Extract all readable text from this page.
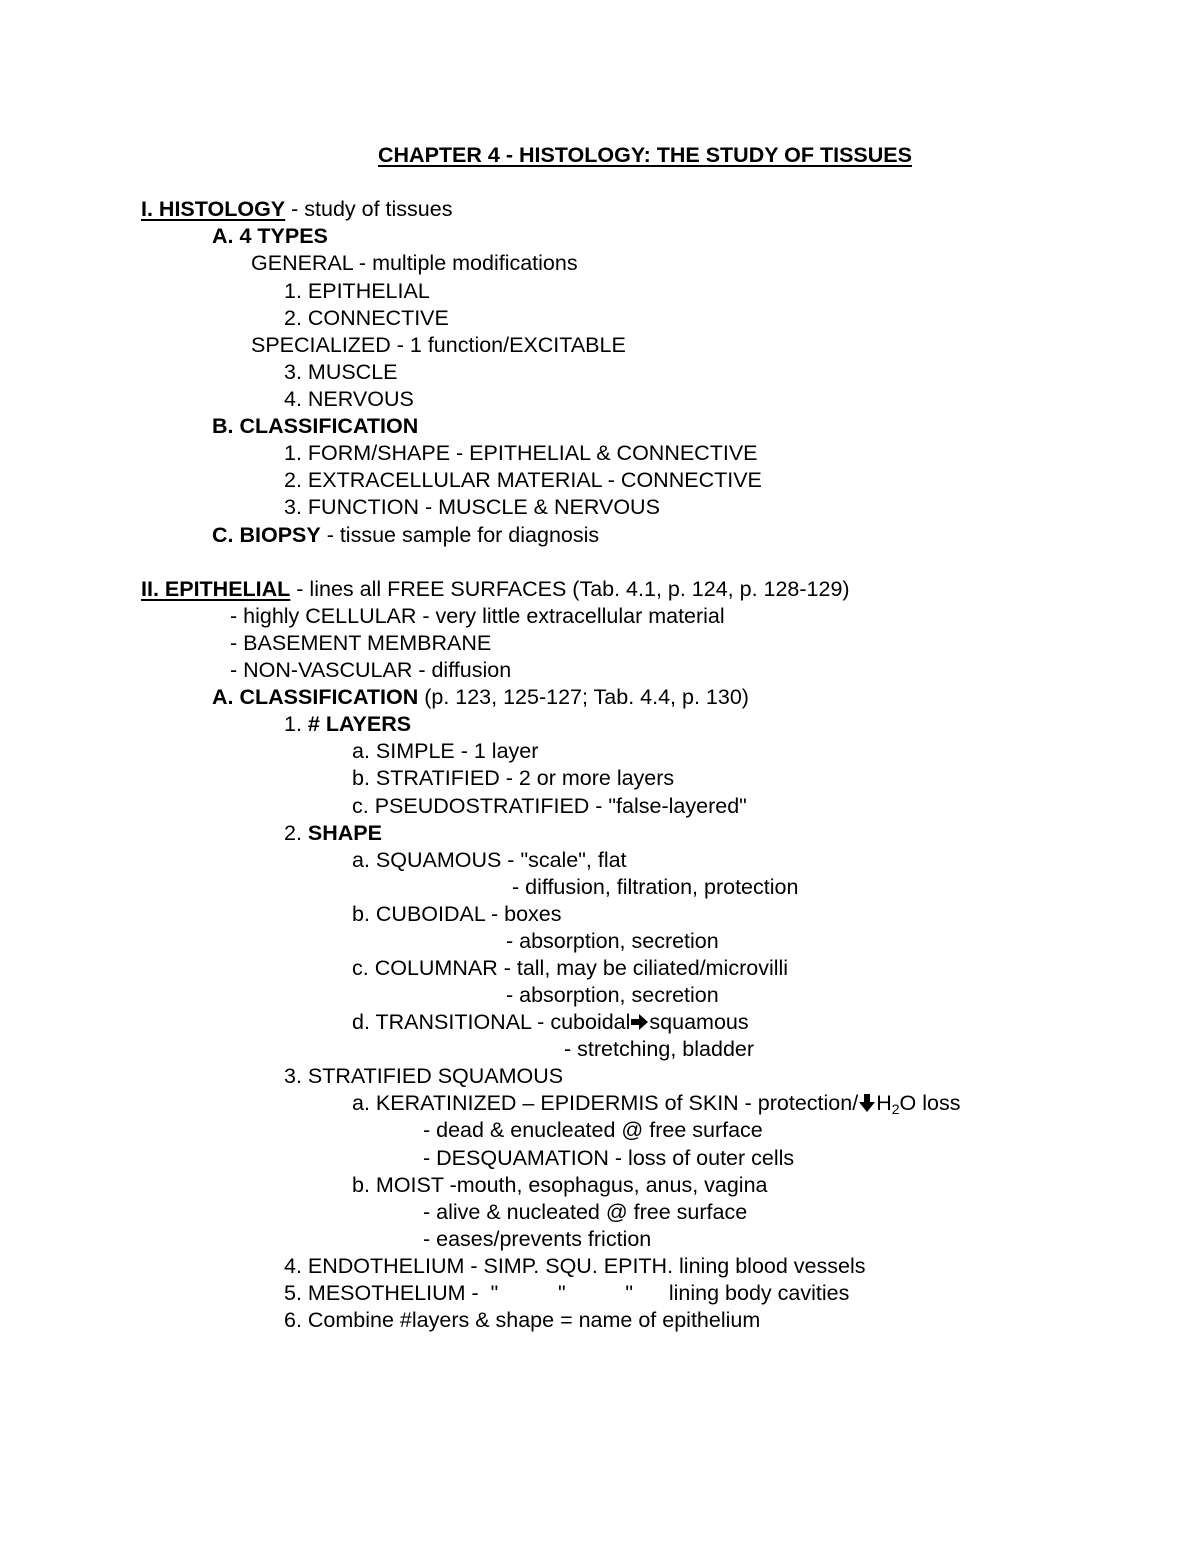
CHAPTER 4 - HISTOLOGY: THE STUDY OF TISSUES
I. HISTOLOGY - study of tissues
A. 4 TYPES
GENERAL - multiple modifications
1. EPITHELIAL
2. CONNECTIVE
SPECIALIZED - 1 function/EXCITABLE
3. MUSCLE
4. NERVOUS
B. CLASSIFICATION
1. FORM/SHAPE - EPITHELIAL & CONNECTIVE
2. EXTRACELLULAR MATERIAL - CONNECTIVE
3. FUNCTION - MUSCLE & NERVOUS
C. BIOPSY - tissue sample for diagnosis
II. EPITHELIAL - lines all FREE SURFACES (Tab. 4.1, p. 124, p. 128-129)
- highly CELLULAR - very little extracellular material
- BASEMENT MEMBRANE
- NON-VASCULAR - diffusion
A. CLASSIFICATION (p. 123, 125-127; Tab. 4.4, p. 130)
1. # LAYERS
a. SIMPLE - 1 layer
b. STRATIFIED - 2 or more layers
c. PSEUDOSTRATIFIED - "false-layered"
2. SHAPE
a. SQUAMOUS - "scale", flat
- diffusion, filtration, protection
b. CUBOIDAL - boxes
- absorption, secretion
c. COLUMNAR - tall, may be ciliated/microvilli
- absorption, secretion
d. TRANSITIONAL - cuboidal squamous
- stretching, bladder
3. STRATIFIED SQUAMOUS
a. KERATINIZED – EPIDERMIS of SKIN - protection/ $H_2O$ loss
- dead & enucleated @ free surface
- DESQUAMATION - loss of outer cells
b. MOIST -mouth, esophagus, anus, vagina
- alive & nucleated @ free surface
- eases/prevents friction
4. ENDOTHELIUM - SIMP. SQU. EPITH. lining blood vessels
5. MESOTHELIUM -  "          "          "      lining body cavities
6. Combine #layers & shape = name of epithelium
